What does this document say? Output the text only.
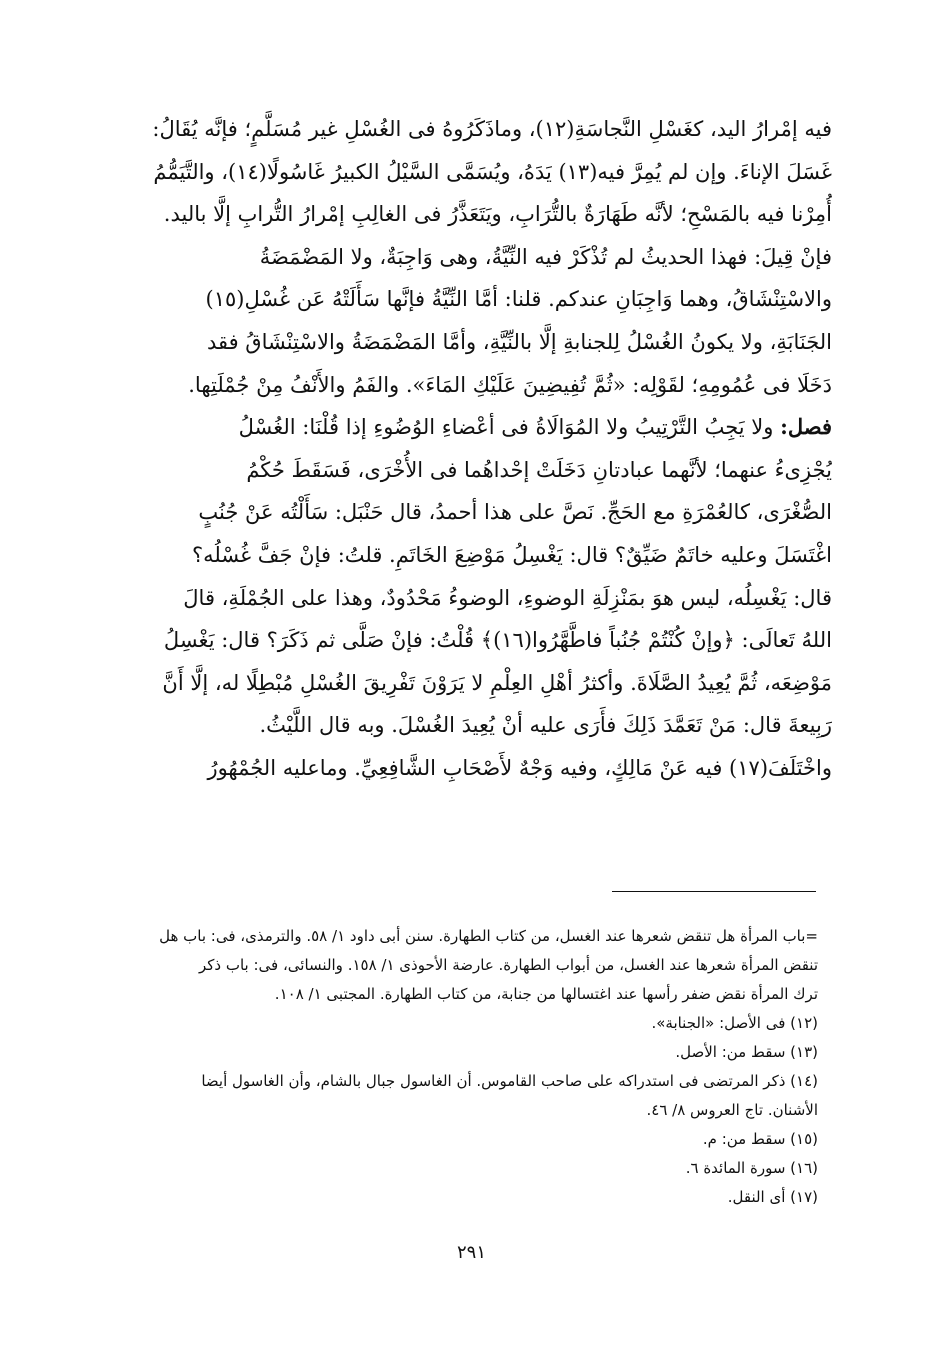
فيه إمْرارُ اليد، كغَسْلِ النَّجاسَةِ(١٢)، وماذَكَرُوهُ فى الغُسْلِ غير مُسَلَّمٍ؛ فإنَّه يُقَالُ:
غَسَلَ الإناءَ. وإن لم يُمِرَّ فيه(١٣) يَدَهُ، ويُسَمَّى السَّيْلُ الكبيرُ غَاسُولًا(١٤)، والتَّيَمُّمُ
أُمِرْنا فيه بالمَسْحِ؛ لأنَّه طَهَارَةٌ بالتُّرَابِ، ويَتَعَذَّرُ فى الغالِبِ إمْرارُ التُّرابِ إلَّا باليد.
فإنْ قِيلَ: فهذا الحديثُ لم تُذْكَرْ فيه النِّيَّةُ، وهى وَاجِبَةٌ، ولا المَضْمَضَةُ
والاسْتِنْشَاقُ، وهما وَاجِبَانِ عندكم. قلنا: أمَّا النِّيَّةُ فإنَّها سَأَلَتْهُ عَن غُسْلِ(١٥)
الجَنَابَةِ، ولا يكونُ الغُسْلُ لِلجنابةِ إلَّا بالنِّيَّةِ، وأمَّا المَضْمَضَةُ والاسْتِنْشَاقُ فقد
دَخَلَا فى عُمُومِهِ؛ لقَوْلِه: «ثُمَّ تُفِيضِينَ عَلَيْكِ المَاءَ». والفَمُ والأَنْفُ مِنْ جُمْلَتِها.
فصل: ولا يَجِبُ التَّرْتِيبُ ولا المُوَالَاةُ فى أعْضاءِ الوُضُوءِ إذا قُلْنَا: الغُسْلُ
يُجْزِىءُ عنهما؛ لأنَّهما عبادتانِ دَخَلَتْ إحْداهُما فى الأُخْرَى، فَسَقَطَ حُكْمُ
الصُّغْرَى، كالعُمْرَةِ مع الحَجِّ. نَصَّ على هذا أحمدُ، قال حَنْبَل: سَأَلْتُه عَنْ جُنُبٍ
اغْتَسَلَ وعليه خاتَمٌ ضَيِّقٌ؟ قال: يَغْسِلُ مَوْضِعَ الخَاتَمِ. قلتُ: فإنْ جَفَّ غُسْلُه؟
قال: يَغْسِلُه، ليس هوَ بمَنْزِلَةِ الوضوءِ، الوضوءُ مَحْدُودٌ، وهذا على الجُمْلَةِ، قالَ
اللهُ تَعالَى: ﴿وإنْ كُنْتُمْ جُنُباً فاطَّهَّرُوا(١٦)﴾ قُلْتُ: فإنْ صَلَّى ثم ذَكَرَ؟ قال: يَغْسِلُ
مَوْضِعَه، ثُمَّ يُعِيدُ الصَّلَاةَ. وأكثرُ أهْلِ العِلْمِ لا يَرَوْنَ تَفْرِيقَ الغُسْلِ مُبْطِلًا له، إلَّا أَنَّ
رَبِيعةَ قال: مَنْ تَعَمَّدَ ذَلِكَ فأَرَى عليه أنْ يُعِيدَ الغُسْلَ. وبه قال اللَّيْثُ.
واخْتَلَفَ(١٧) فيه عَنْ مَالِكٍ، وفيه وَجْهٌ لأَصْحَابِ الشَّافِعِيِّ. وماعليه الجُمْهُورُ
=باب المرأة هل تنقض شعرها عند الغسل، من كتاب الطهارة. سنن أبى داود ١/ ٥٨. والترمذى، فى: باب هل
تنقض المرأة شعرها عند الغسل، من أبواب الطهارة. عارضة الأحوذى ١/ ١٥٨. والنسائى، فى: باب ذكر
ترك المرأة نقض ضفر رأسها عند اغتسالها من جنابة، من كتاب الطهارة. المجتبى ١/ ١٠٨.
(١٢) فى الأصل: «الجنابة».
(١٣) سقط من: الأصل.
(١٤) ذكر المرتضى فى استدراكه على صاحب القاموس. أن الغاسول جبال بالشام، وأن الغاسول أيضا
الأشنان. تاج العروس ٨/ ٤٦.
(١٥) سقط من: م.
(١٦) سورة المائدة ٦.
(١٧) أى النقل.
٢٩١
